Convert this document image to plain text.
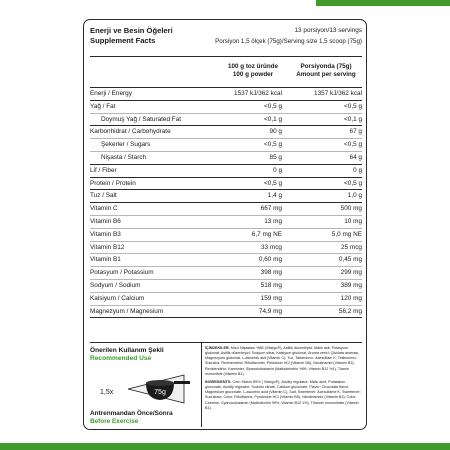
Enerji ve Besin Öğeleri
Supplement Facts
13 porsiyon/13 servings
Porsiyon 1,5 ölçek (75g)/Serving size 1,5 scoop (75g)
100 g toz üründe
100 g powder
Porsiyonda (75g)
Amount per serving
Enerji / Energy	1537 kJ/362 kcal	1357 kJ/362 kcal
Yağ / Fat	<0,5 g	<0,5 g
Doymuş Yağ / Saturated Fat	<0,1 g	<0,1 g
Karbonhidrat / Carbohydrate	90 g	67 g
Şekerler / Sugars	<0,5 g	<0,5 g
Nişasta / Starch	85 g	64 g
Lif / Fiber	0 g	0 g
Protein / Protein	<0,5 g	<0,5 g
Tuz / Salt	1,4 g	1,0 g
Vitamin C	667 mg	500 mg
Vitamin B6	13 mg	10 mg
Vitamin B3	6,7 mg NE	5,0 mg NE
Vitamin B12	33 mcg	25 mcg
Vitamin B1	0,60 mg	0,45 mg
Potasyum / Potassium	398 mg	299 mg
Sodyum / Sodium	518 mg	389 mg
Kalsiyum / Calcium	159 mg	120 mg
Magnezyum / Magnesium	74,9 mg	56,2 mg
Önerilen Kullanım Şekli
Recommended Use
1,5x	75g
Antrenmandan Önce/Sonra
Before Exercise
İÇİNDEKİLER: Mısır Nişastası %85 (Vitargo®), Asitlik düzenleyici: Malik asit, Potasyum glukonat, Asitlik düzenleyici: Sodyum sitrat, Kalsiyum glukonat, Aroma verici: Çikolata aroması, Magnezyum glukonat, L-askorbik asit (Vitamin C), Tuz, Tatlandırıcı: Asesülfam K, Tatlandırıcı: Sukraloz, Renklendirici: Riboflavinler, Piridoksin HCl (Vitamin B6), Nicotinamid (Vitamin B3), Renklendirici: Karminler, Siyanokobalamin (Maltodekstrin %99, Vitamin B12 %1), Tiamin mononitrat (Vitamin B1).
INGREDIENTS: Corn Starch 85% ( Vitargo®), Acidity regulator: Malic acid, Potassium gluconate, Acidity regulator: Sodium citrate, Calcium gluconate, Flavor: Chocolate flavor, Magnesium gluconate, L-ascorbic acid (Vitamin C), Salt, Sweetener: Acesulfame K, Sweetener: Sucralose, Color: Riboflavins, Pyridoxine HCl (Vitamin B6), Nicotinamide (Vitamin B3), Color: Carmine, Cyanocobalamin (Maltodextrin 99%, Vitamin B12 1%), Thiamin mononitrate (Vitamin B1).
